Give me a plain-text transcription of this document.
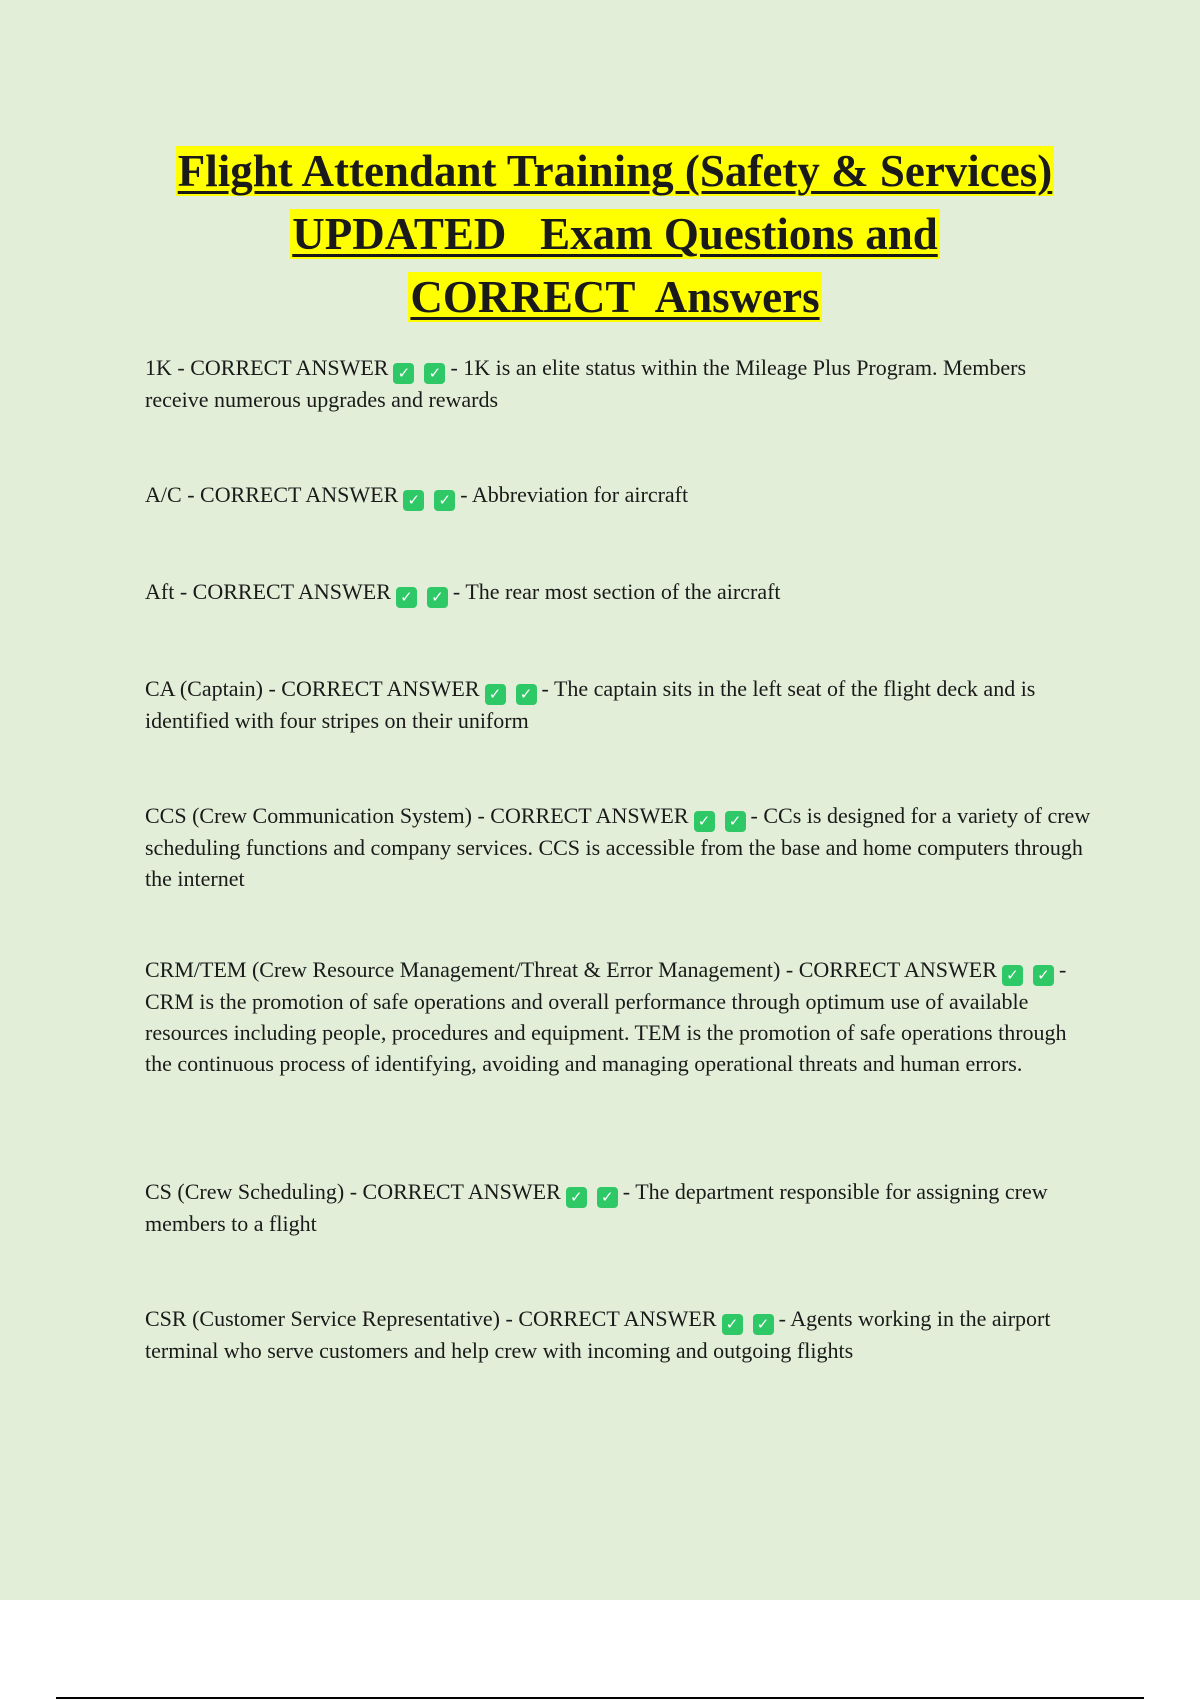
Flight Attendant Training (Safety & Services)

UPDATED   Exam Questions and

CORRECT  Answers

1K - CORRECT ANSWER ✓ ✓ - 1K is an elite status within the Mileage Plus Program. Members receive numerous upgrades and rewards

A/C - CORRECT ANSWER ✓ ✓ - Abbreviation for aircraft

Aft - CORRECT ANSWER ✓ ✓ - The rear most section of the aircraft

CA (Captain) - CORRECT ANSWER ✓ ✓ - The captain sits in the left seat of the flight deck and is identified with four stripes on their uniform

CCS (Crew Communication System) - CORRECT ANSWER ✓ ✓ - CCs is designed for a variety of crew scheduling functions and company services. CCS is accessible from the base and home computers through the internet

CRM/TEM (Crew Resource Management/Threat & Error Management) - CORRECT ANSWER ✓ ✓ - CRM is the promotion of safe operations and overall performance through optimum use of available resources including people, procedures and equipment. TEM is the promotion of safe operations through the continuous process of identifying, avoiding and managing operational threats and human errors.

CS (Crew Scheduling) - CORRECT ANSWER ✓ ✓ - The department responsible for assigning crew members to a flight

CSR (Customer Service Representative) - CORRECT ANSWER ✓ ✓ - Agents working in the airport terminal who serve customers and help crew with incoming and outgoing flights
